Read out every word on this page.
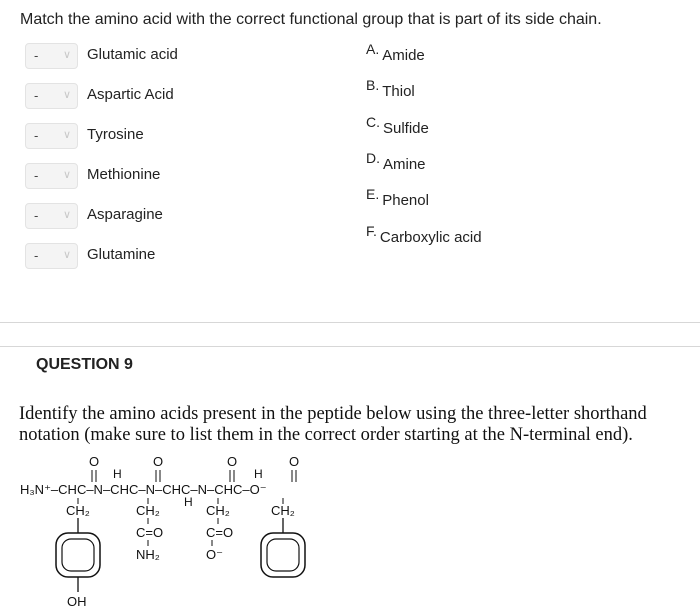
Match the amino acid with the correct functional group that is part of its side chain.
- ∨ Glutamic acid
- ∨ Aspartic Acid
- ∨ Tyrosine
- ∨ Methionine
- ∨ Asparagine
- ∨ Glutamine
A. Amide
B. Thiol
C. Sulfide
D. Amine
E. Phenol
F. Carboxylic acid
QUESTION 9
Identify the amino acids present in the peptide below using the three-letter shorthand notation (make sure to list them in the correct order starting at the N-terminal end).
H₃N⁺–CHC–N–CHC–N–CHC–N–CHC–O⁻
O	O	O	O
H
H
H
CH₂	CH₂	CH₂	CH₂
OH
C=O
NH₂
C=O
O⁻
